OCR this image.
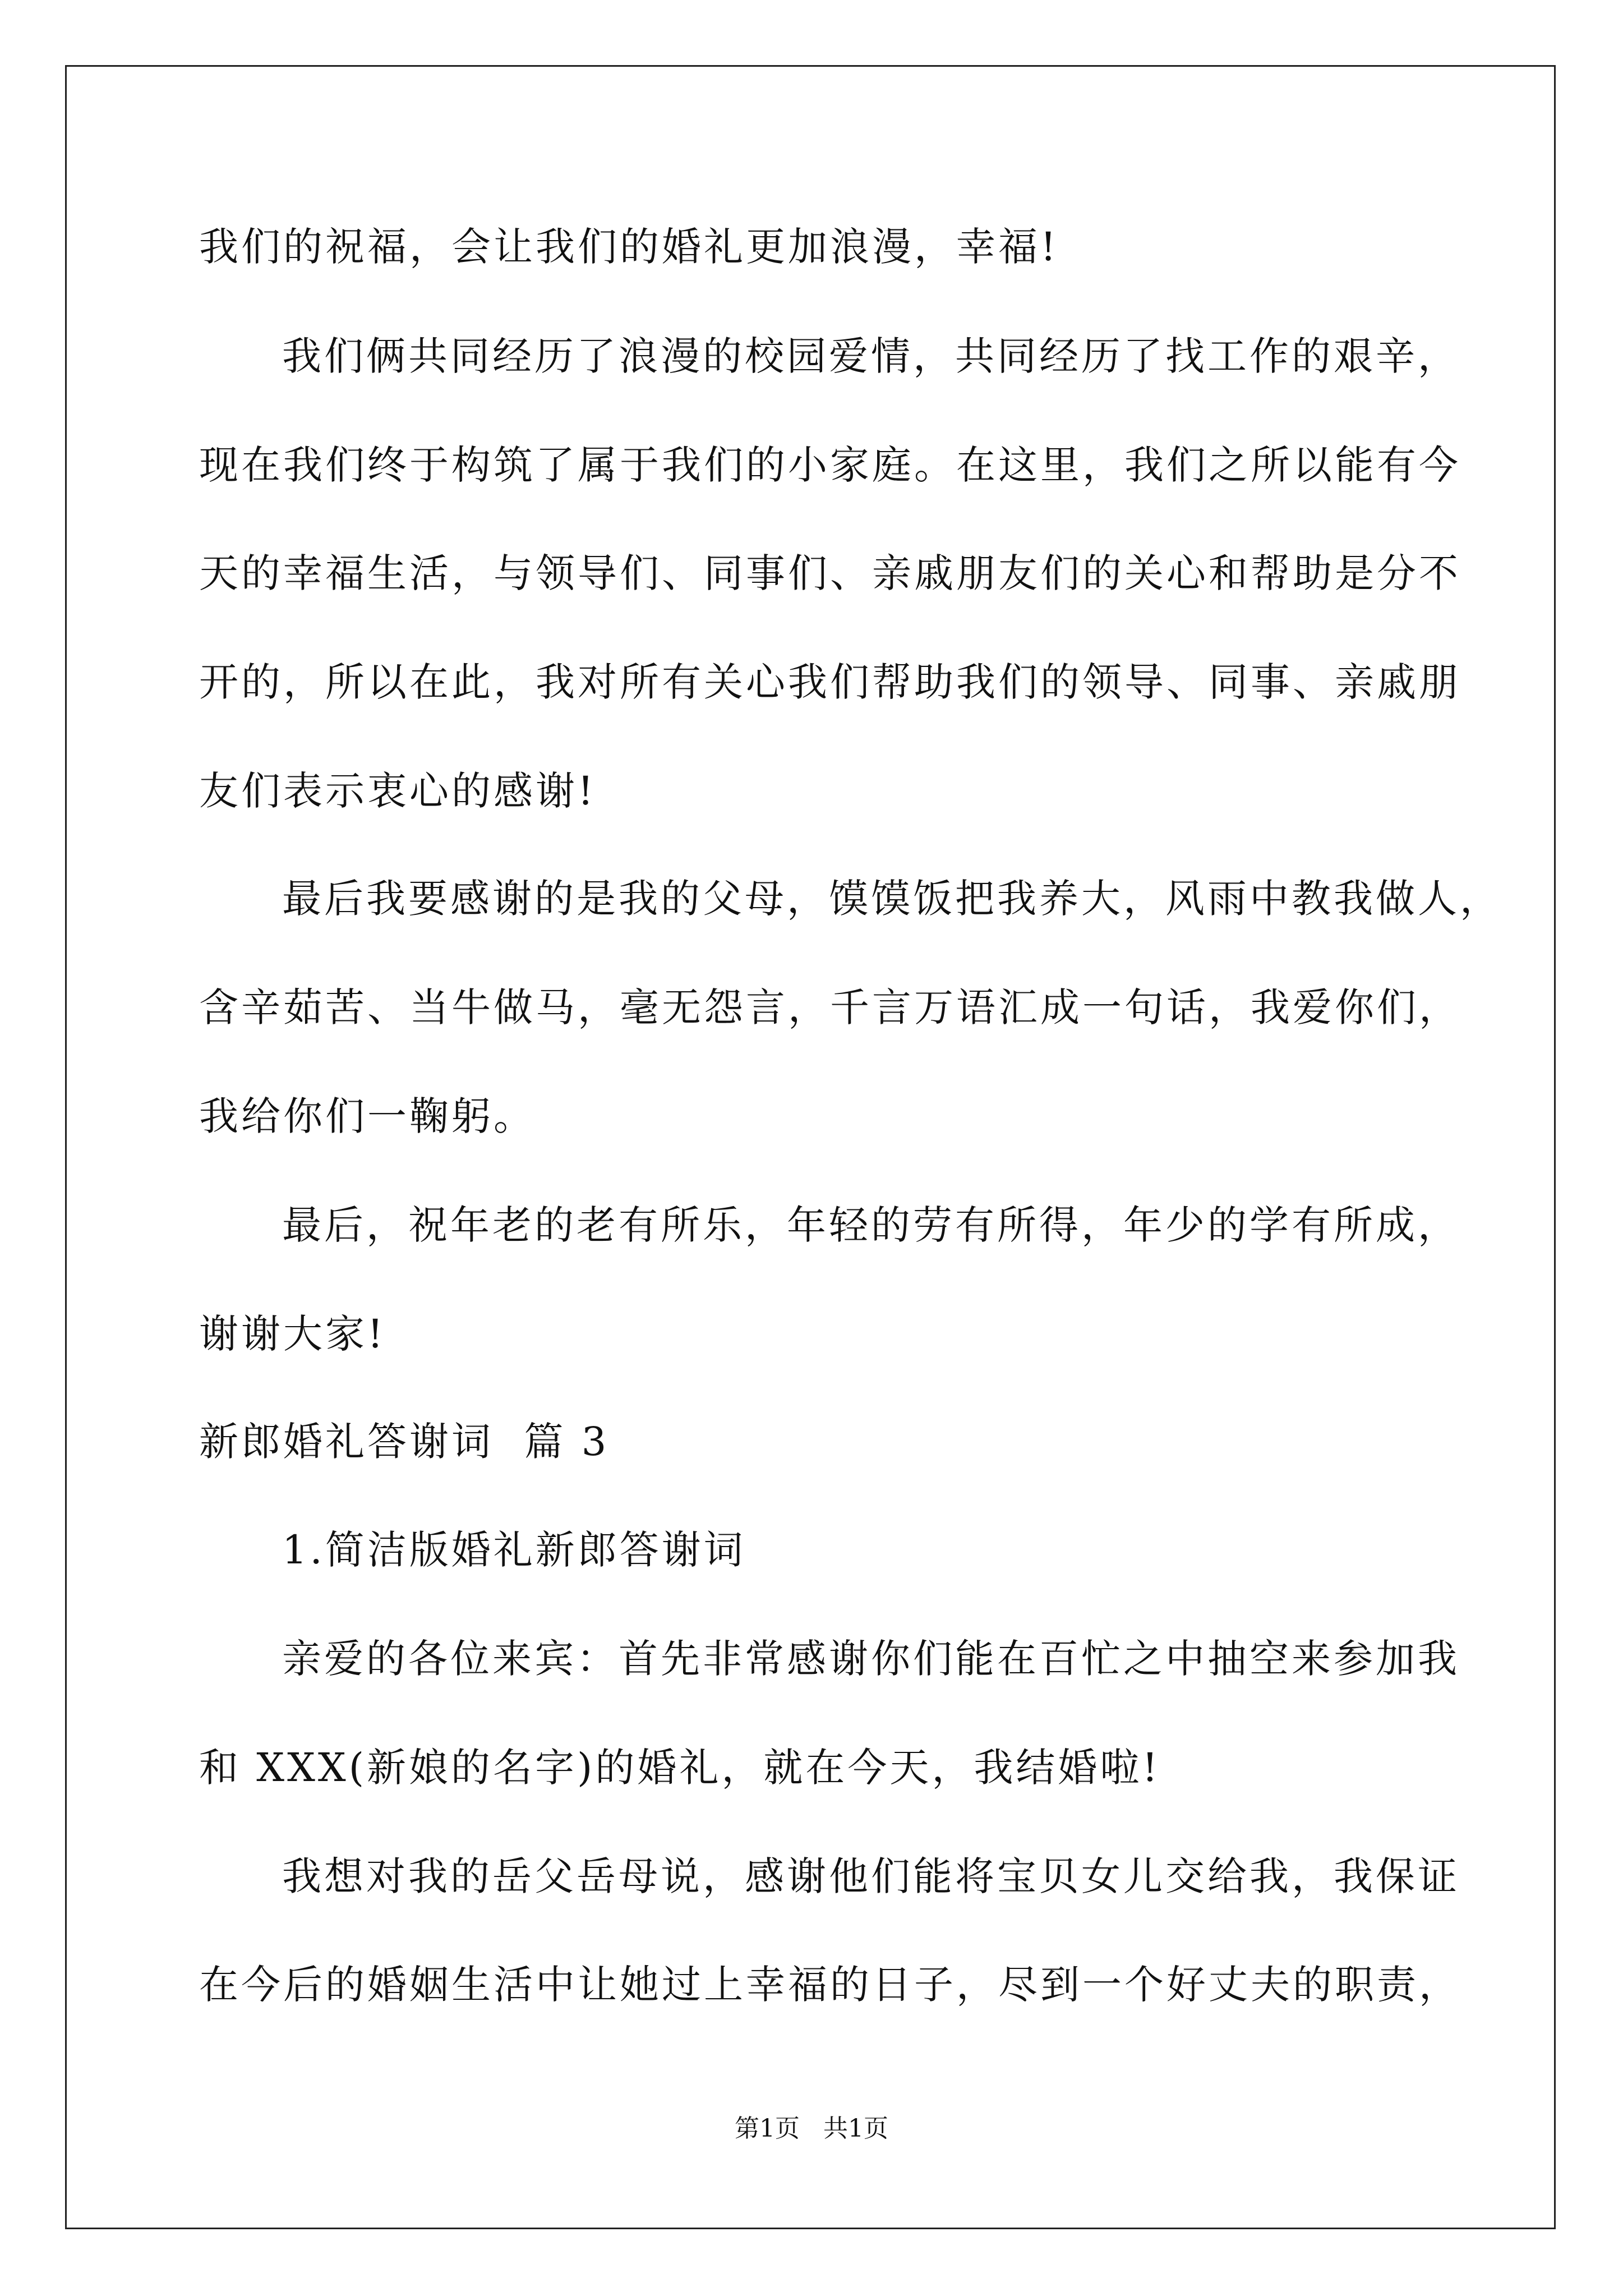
我们的祝福，会让我们的婚礼更加浪漫，幸福!
我们俩共同经历了浪漫的校园爱情，共同经历了找工作的艰辛，
现在我们终于构筑了属于我们的小家庭。在这里，我们之所以能有今
天的幸福生活，与领导们、同事们、亲戚朋友们的关心和帮助是分不
开的，所以在此，我对所有关心我们帮助我们的领导、同事、亲戚朋
友们表示衷心的感谢!
最后我要感谢的是我的父母，馍馍饭把我养大，风雨中教我做人，
含辛茹苦、当牛做马，毫无怨言，千言万语汇成一句话，我爱你们，
我给你们一鞠躬。
最后，祝年老的老有所乐，年轻的劳有所得，年少的学有所成，
谢谢大家!
新郎婚礼答谢词  篇 3
1.简洁版婚礼新郎答谢词
亲爱的各位来宾：首先非常感谢你们能在百忙之中抽空来参加我
和 XXX(新娘的名字)的婚礼，就在今天，我结婚啦!
我想对我的岳父岳母说，感谢他们能将宝贝女儿交给我，我保证
在今后的婚姻生活中让她过上幸福的日子，尽到一个好丈夫的职责，
第1页   共1页
